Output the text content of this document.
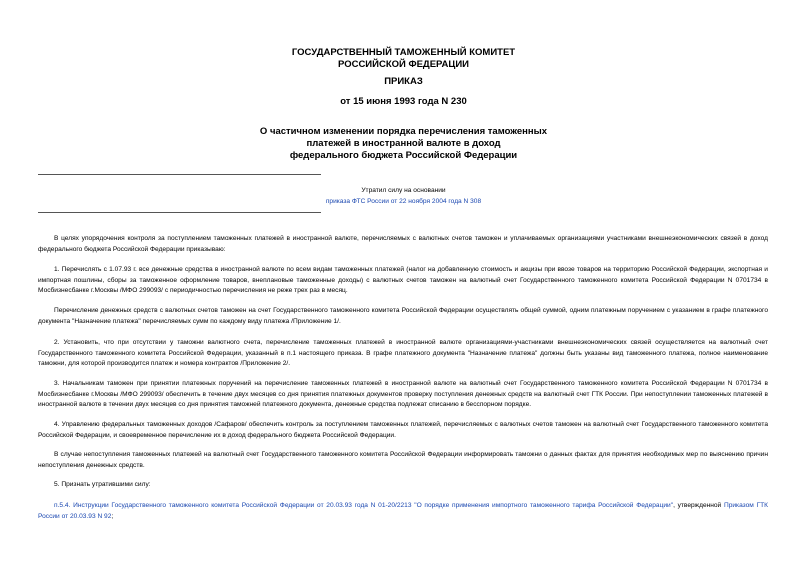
ГОСУДАРСТВЕННЫЙ ТАМОЖЕННЫЙ КОМИТЕТ
РОССИЙСКОЙ ФЕДЕРАЦИИ
ПРИКАЗ
от 15 июня 1993 года N 230
О частичном изменении порядка перечисления таможенных
платежей в иностранной валюте в доход
федерального бюджета Российской Федерации
Утратил силу на основании
приказа ФТС России от 22 ноября 2004 года N 308
В целях упорядочения контроля за поступлением таможенных платежей в иностранной валюте, перечисляемых с валютных счетов таможен и уплачиваемых организациями участниками внешнеэкономических связей в доход федерального бюджета Российской Федерации приказываю:
1. Перечислять с 1.07.93 г. все денежные средства в иностранной валюте по всем видам таможенных платежей (налог на добавленную стоимость и акцизы при ввозе товаров на территорию Российской Федерации, экспортная и импортная пошлины, сборы за таможенное оформление товаров, внеплановые таможенные доходы) с валютных счетов таможен на валютный счет Государственного таможенного комитета Российской Федерации N 0701734 в Мосбизнесбанке г.Москвы /МФО 299093/ с периодичностью перечисления не реже трех раз в месяц.
Перечисление денежных средств с валютных счетов таможен на счет Государственного таможенного комитета Российской Федерации осуществлять общей суммой, одним платежным поручением с указанием в графе платежного документа "Назначение платежа" перечисляемых сумм по каждому виду платежа /Приложение 1/.
2. Установить, что при отсутствии у таможни валютного счета, перечисление таможенных платежей в иностранной валюте организациями-участниками внешнеэкономических связей осуществляется на валютный счет Государственного таможенного комитета Российской Федерации, указанный в п.1 настоящего приказа. В графе платежного документа "Назначение платежа" должны быть указаны вид таможенного платежа, полное наименование таможни, для которой производится платеж и номера контрактов /Приложение 2/.
3. Начальникам таможен при принятии платежных поручений на перечисление таможенных платежей в иностранной валюте на валютный счет Государственного таможенного комитета Российской Федерации N 0701734 в Мосбизнесбанке г.Москвы /МФО 299093/ обеспечить в течение двух месяцев со дня принятия платежных документов проверку поступления денежных средств на валютный счет ГТК России. При непоступлении таможенных платежей в иностранной валюте в течении двух месяцев со дня принятия таможней платежного документа, денежные средства подлежат списанию в бесспорном порядке.
4. Управлению федеральных таможенных доходов /Сафаров/ обеспечить контроль за поступлением таможенных платежей, перечисляемых с валютных счетов таможен на валютный счет Государственного таможенного комитета Российской Федерации, и своевременное перечисление их в доход федерального бюджета Российской Федерации.
В случае непоступления таможенных платежей на валютный счет Государственного таможенного комитета Российской Федерации информировать таможни о данных фактах для принятия необходимых мер по выяснению причин непоступления денежных средств.
5. Признать утратившими силу:
п.5.4. Инструкции Государственного таможенного комитета Российской Федерации от 20.03.93 года N 01-20/2213 "О порядке применения импортного таможенного тарифа Российской Федерации", утвержденной Приказом ГТК России от 20.03.93 N 92;
